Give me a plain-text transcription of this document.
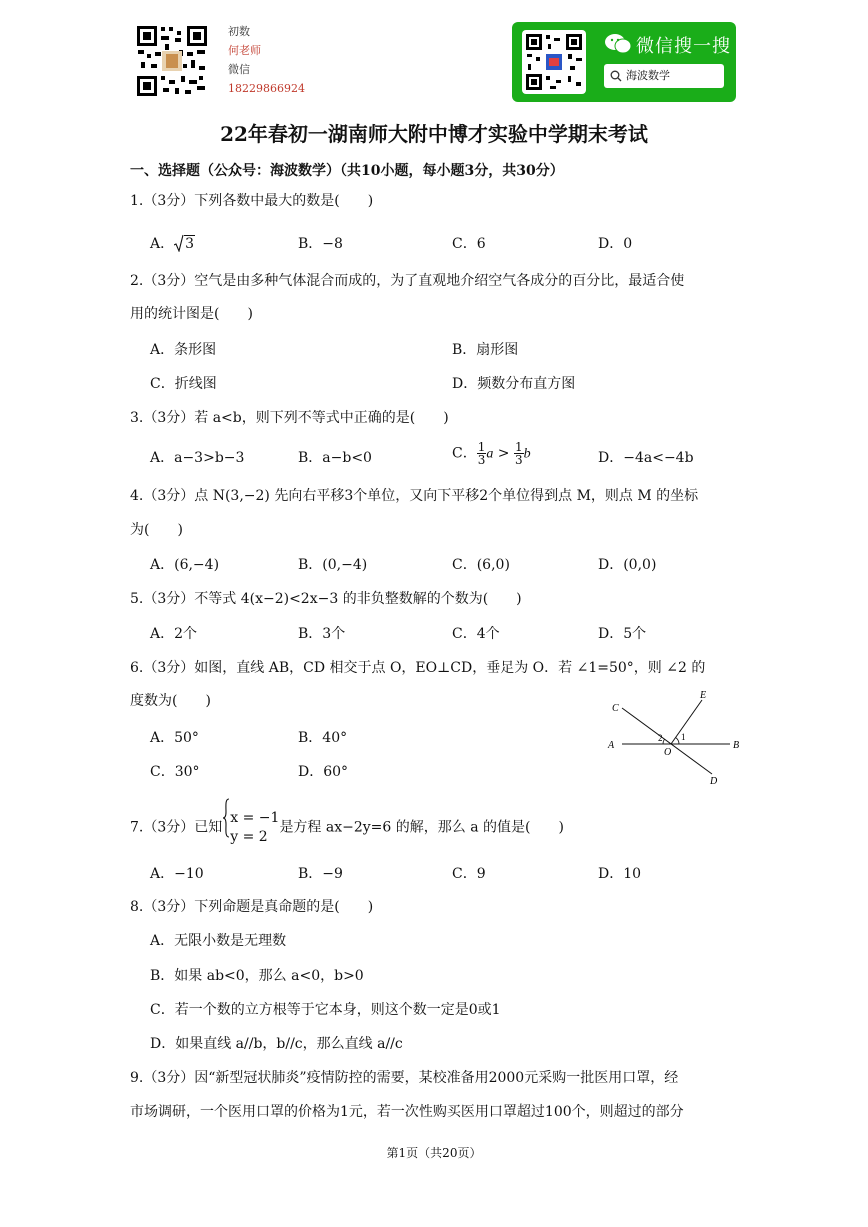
初数
何老师
微信
18229866924
微信搜一搜
海波数学
22年春初一湖南师大附中博才实验中学期末考试
一、选择题（公众号：海波数学）（共10小题，每小题3分，共30分）
1.（3分）下列各数中最大的数是(　　)
A． 3	B．−8	C．6	D．0
2.（3分）空气是由多种气体混合而成的，为了直观地介绍空气各成分的百分比，最适合使
用的统计图是(　　)
A．条形图	B．扇形图
C．折线图	D．频数分布直方图
3.（3分）若 a<b，则下列不等式中正确的是(　　)
A．a−3>b−3	B．a−b<0	C． $\frac{1}{3}$ $a > \frac{1}{3}$ b	D．−4a<−4b
4.（3分）点 N(3,−2) 先向右平移3个单位，又向下平移2个单位得到点 M，则点 M 的坐标
为(　　)
A．(6,−4)	B．(0,−4)	C．(6,0)	D．(0,0)
5.（3分）不等式 4(x−2)<2x−3 的非负整数解的个数为(　　)
A．2个	B．3个	C．4个	D．5个
6.（3分）如图，直线 AB，CD 相交于点 O，EO⊥CD，垂足为 O．若 ∠1=50°，则 ∠2 的
度数为(　　)
A．50°	B．40°
C．30°	D．60°
C
E
A	B
O
D
1
2
7.（3分）已知
x = −1
y = 2
是方程 ax−2y=6 的解，那么 a 的值是(　　)
A．−10	B．−9	C．9	D．10
8.（3分）下列命题是真命题的是(　　)
A．无限小数是无理数
B．如果 ab<0，那么 a<0，b>0
C．若一个数的立方根等于它本身，则这个数一定是0或1
D．如果直线 a//b，b//c，那么直线 a//c
9.（3分）因“新型冠状肺炎”疫情防控的需要，某校准备用2000元采购一批医用口罩，经
市场调研，一个医用口罩的价格为1元，若一次性购买医用口罩超过100个，则超过的部分
第1页（共20页）
